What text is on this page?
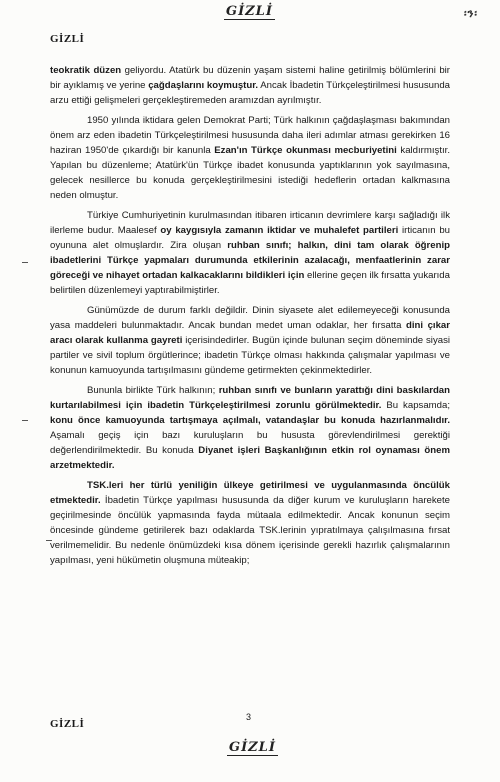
GİZLİ	፡ን፡
GİZLİ

teokratik düzen geliyordu. Atatürk bu düzenin yaşam sistemi haline getirilmiş bölümlerini bir bir ayıklamış ve yerine çağdaşlarını koymuştur. Ancak İbadetin Türkçeleştirilmesi hususunda arzu ettiği gelişmeleri gerçekleştiremeden aramızdan ayrılmıştır.

1950 yılında iktidara gelen Demokrat Parti; Türk halkının çağdaşlaşması bakımından önem arz eden ibadetin Türkçeleştirilmesi hususunda daha ileri adımlar atması gerekirken 16 haziran 1950'de çıkardığı bir kanunla Ezan'ın Türkçe okunması mecburiyetini kaldırmıştır. Yapılan bu düzenleme; Atatürk'ün Türkçe ibadet konusunda yaptıklarının yok sayılmasına, gelecek nesillerce bu konuda gerçekleştirilmesini istediği hedeflerin ortadan kalkmasına neden olmuştur.

Türkiye Cumhuriyetinin kurulmasından itibaren irticanın devrimlere karşı sağladığı ilk ilerleme budur. Maalesef oy kaygısıyla zamanın iktidar ve muhalefet partileri irticanın bu oyununa alet olmuşlardır. Zira oluşan ruhban sınıfı; halkın, dini tam olarak öğrenip ibadetlerini Türkçe yapmaları durumunda etkilerinin azalacağı, menfaatlerinin zarar göreceği ve nihayet ortadan kalkacaklarını bildikleri için ellerine geçen ilk fırsatta yukarıda belirtilen düzenlemeyi yaptırabilmiştirler.

Günümüzde de durum farklı değildir. Dinin siyasete alet edilemeyeceği konusunda yasa maddeleri bulunmaktadır. Ancak bundan medet uman odaklar, her fırsatta dini çıkar aracı olarak kullanma gayreti içerisindedirler. Bugün içinde bulunan seçim döneminde siyasi partiler ve sivil toplum örgütlerince; ibadetin Türkçe olması hakkında çalışmalar yapılması ve konunun kamuoyunda tartışılmasını gündeme getirmekten çekinmektedirler.

Bununla birlikte Türk halkının; ruhban sınıfı ve bunların yarattığı dini baskılardan kurtarılabilmesi için ibadetin Türkçeleştirilmesi zorunlu görülmektedir. Bu kapsamda; konu önce kamuoyunda tartışmaya açılmalı, vatandaşlar bu konuda hazırlanmalıdır. Aşamalı geçiş için bazı kuruluşların bu hususta görevlendirilmesi gerektiği değerlendirilmektedir. Bu konuda Diyanet işleri Başkanlığının etkin rol oynaması önem arzetmektedir.

TSK.leri her türlü yeniliğin ülkeye getirilmesi ve uygulanmasında öncülük etmektedir. İbadetin Türkçe yapılması hususunda da diğer kurum ve kuruluşların harekete geçirilmesinde öncülük yapmasında fayda mütaala edilmektedir. Ancak konunun seçim öncesinde gündeme getirilerek bazı odaklarda TSK.lerinin yıpratılmaya çalışılmasına fırsat verilmemelidir. Bu nedenle önümüzdeki kısa dönem içerisinde gerekli hazırlık çalışmalarının yapılması, yeni hükümetin oluşmuna müteakip;

3
GİZLİ
GİZLİ
